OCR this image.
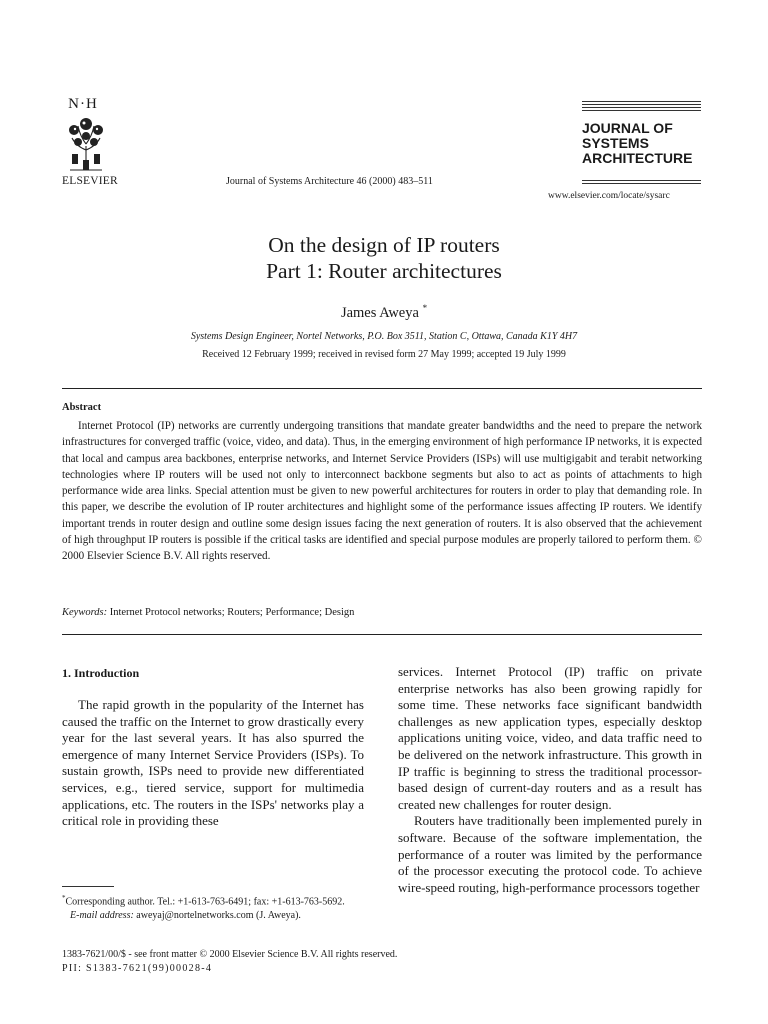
N·H
ELSEVIER	Journal of Systems Architecture 46 (2000) 483–511
JOURNAL OF
SYSTEMS
ARCHITECTURE
www.elsevier.com/locate/sysarc
On the design of IP routers
Part 1: Router architectures
James Aweya *
Systems Design Engineer, Nortel Networks, P.O. Box 3511, Station C, Ottawa, Canada K1Y 4H7
Received 12 February 1999; received in revised form 27 May 1999; accepted 19 July 1999
Abstract
Internet Protocol (IP) networks are currently undergoing transitions that mandate greater bandwidths and the need to prepare the network infrastructures for converged traffic (voice, video, and data). Thus, in the emerging environment of high performance IP networks, it is expected that local and campus area backbones, enterprise networks, and Internet Service Providers (ISPs) will use multigigabit and terabit networking technologies where IP routers will be used not only to interconnect backbone segments but also to act as points of attachments to high performance wide area links. Special attention must be given to new powerful architectures for routers in order to play that demanding role. In this paper, we describe the evolution of IP router architectures and highlight some of the performance issues affecting IP routers. We identify important trends in router design and outline some design issues facing the next generation of routers. It is also observed that the achievement of high throughput IP routers is possible if the critical tasks are identified and special purpose modules are properly tailored to perform them. © 2000 Elsevier Science B.V. All rights reserved.
Keywords: Internet Protocol networks; Routers; Performance; Design
1. Introduction

The rapid growth in the popularity of the Internet has caused the traffic on the Internet to grow drastically every year for the last several years. It has also spurred the emergence of many Internet Service Providers (ISPs). To sustain growth, ISPs need to provide new differentiated services, e.g., tiered service, support for multimedia applications, etc. The routers in the ISPs' networks play a critical role in providing these

services. Internet Protocol (IP) traffic on private enterprise networks has also been growing rapidly for some time. These networks face significant bandwidth challenges as new application types, especially desktop applications uniting voice, video, and data traffic need to be delivered on the network infrastructure. This growth in IP traffic is beginning to stress the traditional processor-based design of current-day routers and as a result has created new challenges for router design.

Routers have traditionally been implemented purely in software. Because of the software implementation, the performance of a router was limited by the performance of the processor executing the protocol code. To achieve wire-speed routing, high-performance processors together

*Corresponding author. Tel.: +1-613-763-6491; fax: +1-613-763-5692.
E-mail address: aweyaj@nortelnetworks.com (J. Aweya).
1383-7621/00/$ - see front matter © 2000 Elsevier Science B.V. All rights reserved.
PII: S1383-7621(99)00028-4
